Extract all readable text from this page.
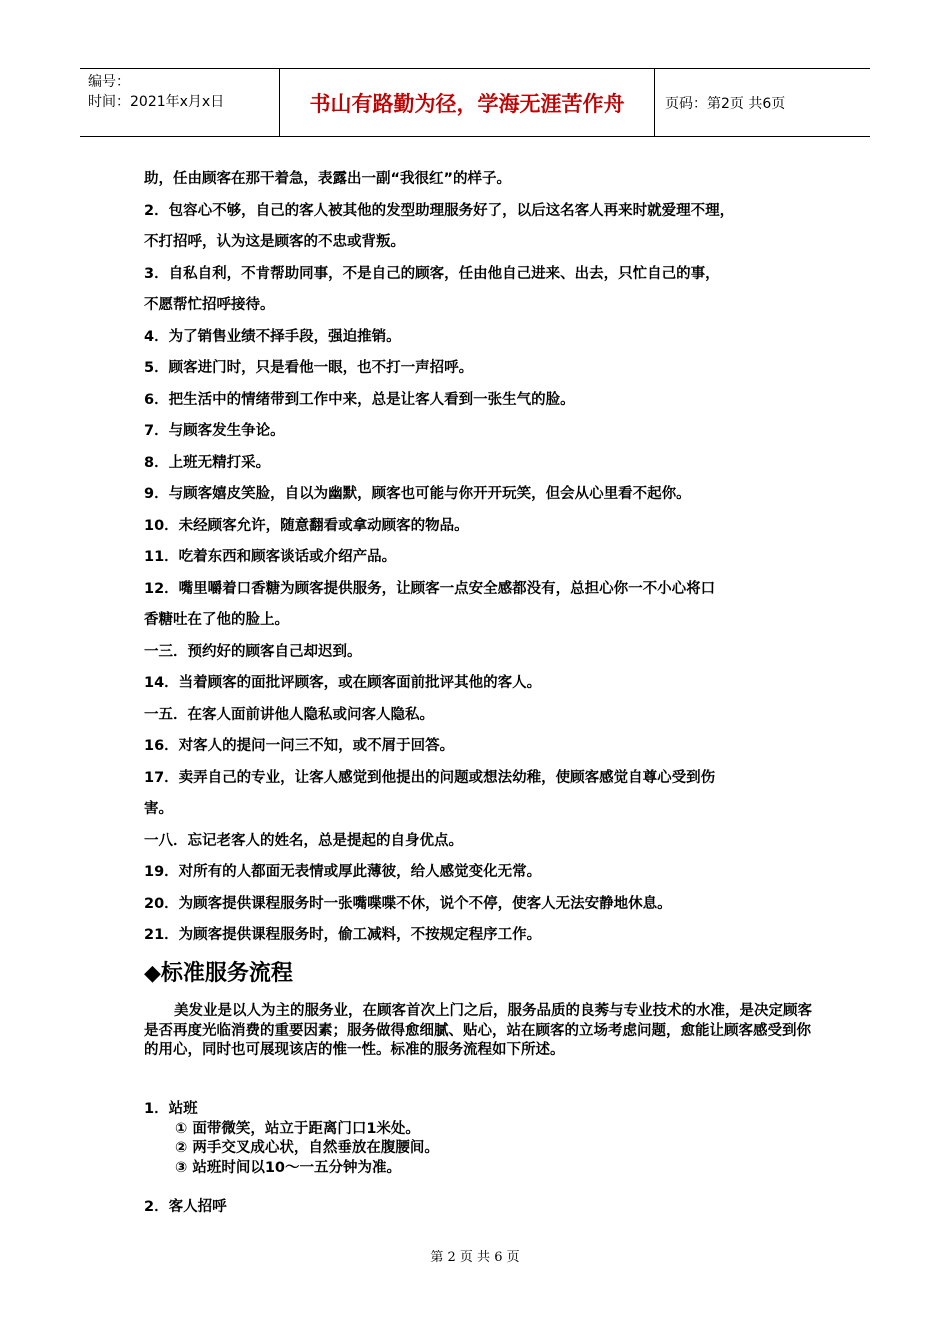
编号：
时间：2021年x月x日	书山有路勤为径，学海无涯苦作舟	页码：第2页 共6页

助，任由顾客在那干着急，表露出一副“我很红”的样子。

2．包容心不够，自己的客人被其他的发型助理服务好了，以后这名客人再来时就爱理不理，

不打招呼，认为这是顾客的不忠或背叛。

3．自私自利，不肯帮助同事，不是自己的顾客，任由他自己进来、出去，只忙自己的事，

不愿帮忙招呼接待。

4．为了销售业绩不择手段，强迫推销。

5．顾客进门时，只是看他一眼，也不打一声招呼。

6．把生活中的情绪带到工作中来，总是让客人看到一张生气的脸。

7．与顾客发生争论。

8．上班无精打采。

9．与顾客嬉皮笑脸，自以为幽默，顾客也可能与你开开玩笑，但会从心里看不起你。

10．未经顾客允许，随意翻看或拿动顾客的物品。

11．吃着东西和顾客谈话或介绍产品。

12．嘴里嚼着口香糖为顾客提供服务，让顾客一点安全感都没有，总担心你一不小心将口

香糖吐在了他的脸上。

一三．预约好的顾客自己却迟到。

14．当着顾客的面批评顾客，或在顾客面前批评其他的客人。

一五．在客人面前讲他人隐私或问客人隐私。

16．对客人的提问一问三不知，或不屑于回答。

17．卖弄自己的专业，让客人感觉到他提出的问题或想法幼稚，使顾客感觉自尊心受到伤

害。

一八．忘记老客人的姓名，总是提起的自身优点。

19．对所有的人都面无表情或厚此薄彼，给人感觉变化无常。

20．为顾客提供课程服务时一张嘴喋喋不休，说个不停，使客人无法安静地休息。

21．为顾客提供课程服务时，偷工减料，不按规定程序工作。

◆标准服务流程

美发业是以人为主的服务业，在顾客首次上门之后，服务品质的良莠与专业技术的水准，是决定顾客是否再度光临消费的重要因素；服务做得愈细腻、贴心，站在顾客的立场考虑问题，愈能让顾客感受到你的用心，同时也可展现该店的惟一性。标准的服务流程如下所述。

1．站班

① 面带微笑，站立于距离门口1米处。

② 两手交叉成心状，自然垂放在腹腰间。

③ 站班时间以10～一五分钟为准。

2．客人招呼

第 2 页 共 6 页
